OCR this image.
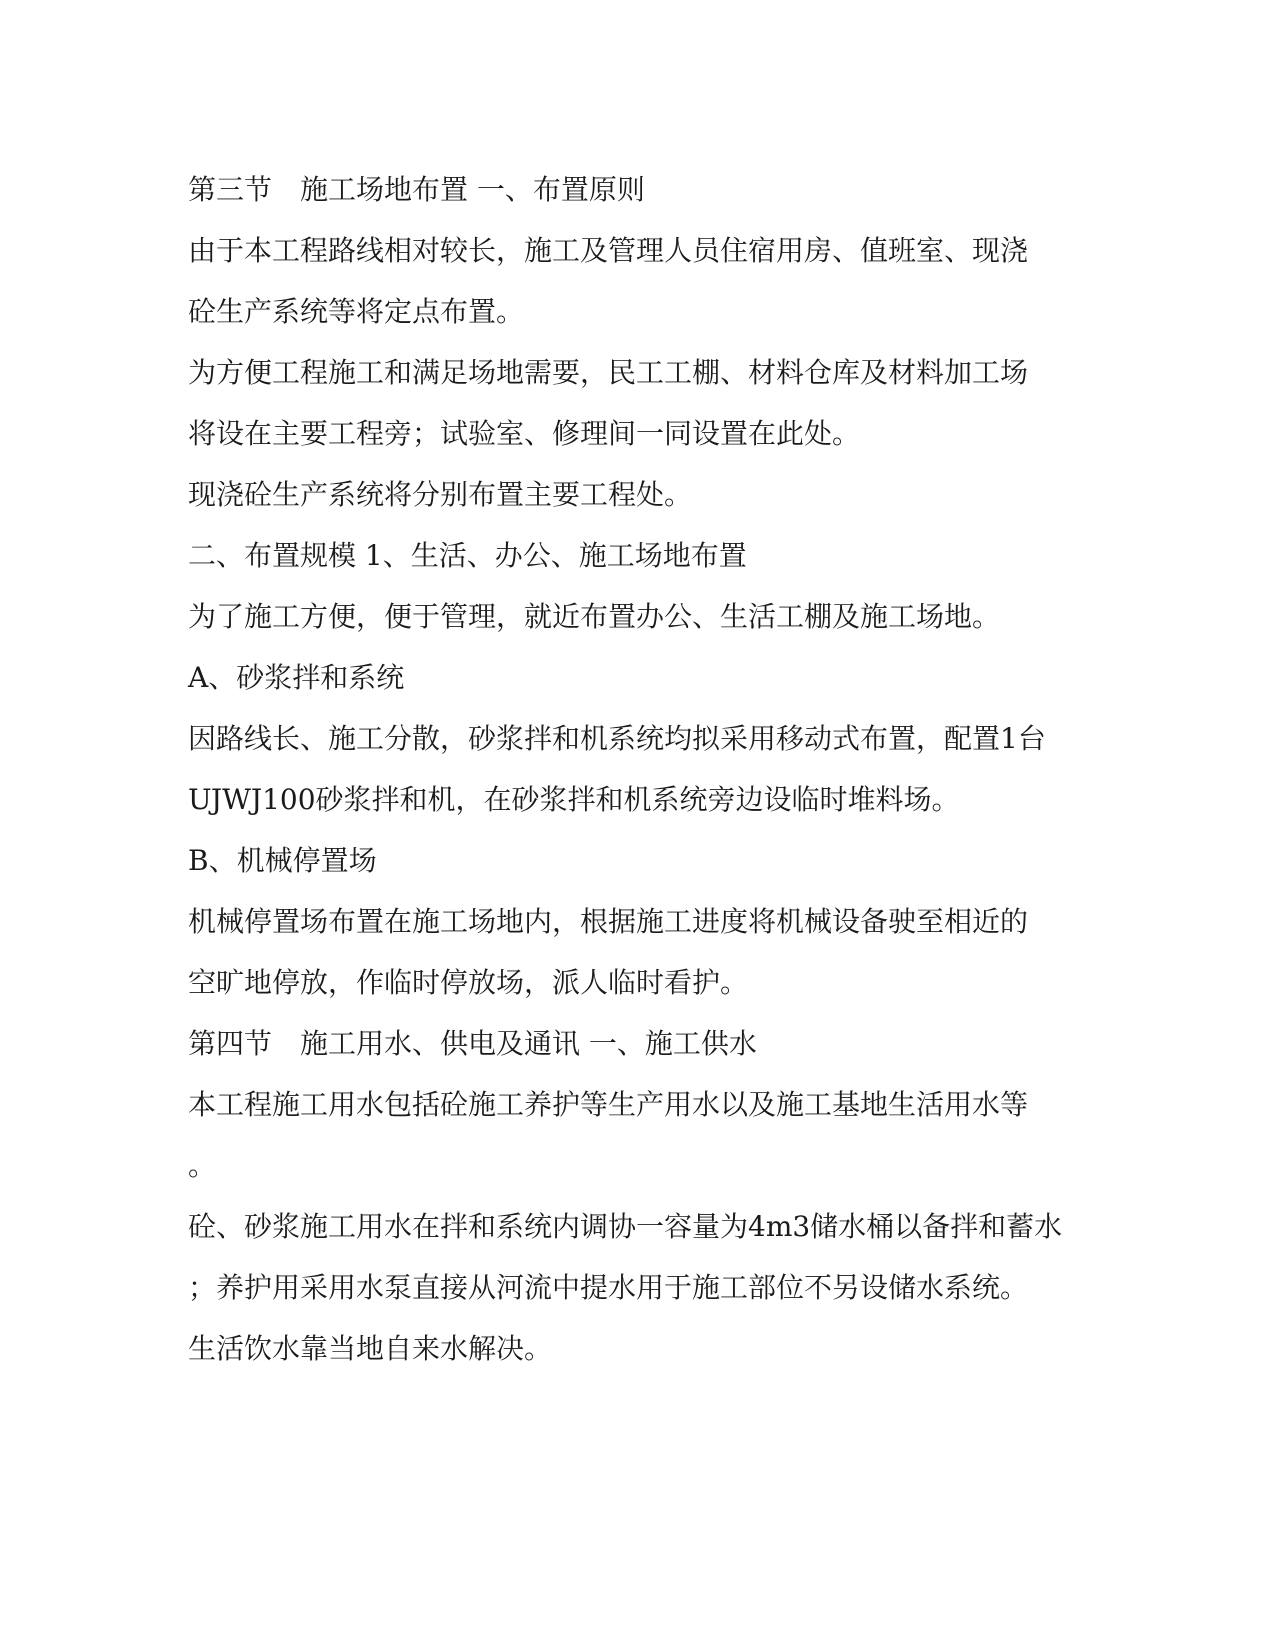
第三节　施工场地布置 一、布置原则
由于本工程路线相对较长，施工及管理人员住宿用房、值班室、现浇
砼生产系统等将定点布置。
为方便工程施工和满足场地需要，民工工棚、材料仓库及材料加工场
将设在主要工程旁；试验室、修理间一同设置在此处。
现浇砼生产系统将分别布置主要工程处。
二、布置规模 1、生活、办公、施工场地布置
为了施工方便，便于管理，就近布置办公、生活工棚及施工场地。
A、砂浆拌和系统
因路线长、施工分散，砂浆拌和机系统均拟采用移动式布置，配置1台
UJWJ100砂浆拌和机，在砂浆拌和机系统旁边设临时堆料场。
B、机械停置场
机械停置场布置在施工场地内，根据施工进度将机械设备驶至相近的
空旷地停放，作临时停放场，派人临时看护。
第四节　施工用水、供电及通讯 一、施工供水
本工程施工用水包括砼施工养护等生产用水以及施工基地生活用水等
。
砼、砂浆施工用水在拌和系统内调协一容量为4m3储水桶以备拌和蓄水
；养护用采用水泵直接从河流中提水用于施工部位不另设储水系统。
生活饮水靠当地自来水解决。
